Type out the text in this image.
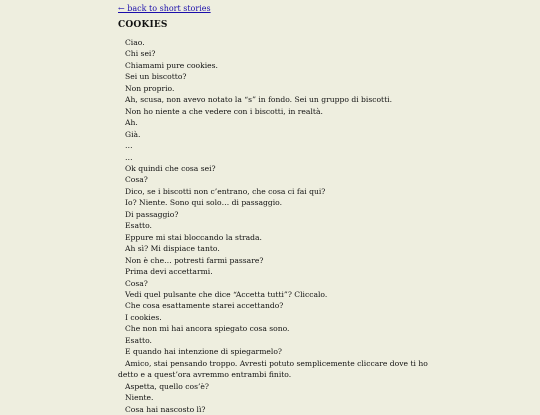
← back to short stories
COOKIES

Ciao.

Chi sei?

Chiamami pure cookies.

Sei un biscotto?

Non proprio.

Ah, scusa, non avevo notato la “s” in fondo. Sei un gruppo di biscotti.

Non ho niente a che vedere con i biscotti, in realtà.

Ah.

Già.

…

…

Ok quindi che cosa sei?

Cosa?

Dico, se i biscotti non c’entrano, che cosa ci fai qui?

Io? Niente. Sono qui solo… di passaggio.

Di passaggio?

Esatto.

Eppure mi stai bloccando la strada.

Ah sì? Mi dispiace tanto.

Non è che… potresti farmi passare?

Prima devi accettarmi.

Cosa?

Vedi quel pulsante che dice “Accetta tutti”? Cliccalo.

Che cosa esattamente starei accettando?

I cookies.

Che non mi hai ancora spiegato cosa sono.

Esatto.

E quando hai intenzione di spiegarmelo?

Amico, stai pensando troppo. Avresti potuto semplicemente cliccare dove ti ho detto e a quest’ora avremmo entrambi finito.

Aspetta, quello cos’è?

Niente.

Cosa hai nascosto lì?
